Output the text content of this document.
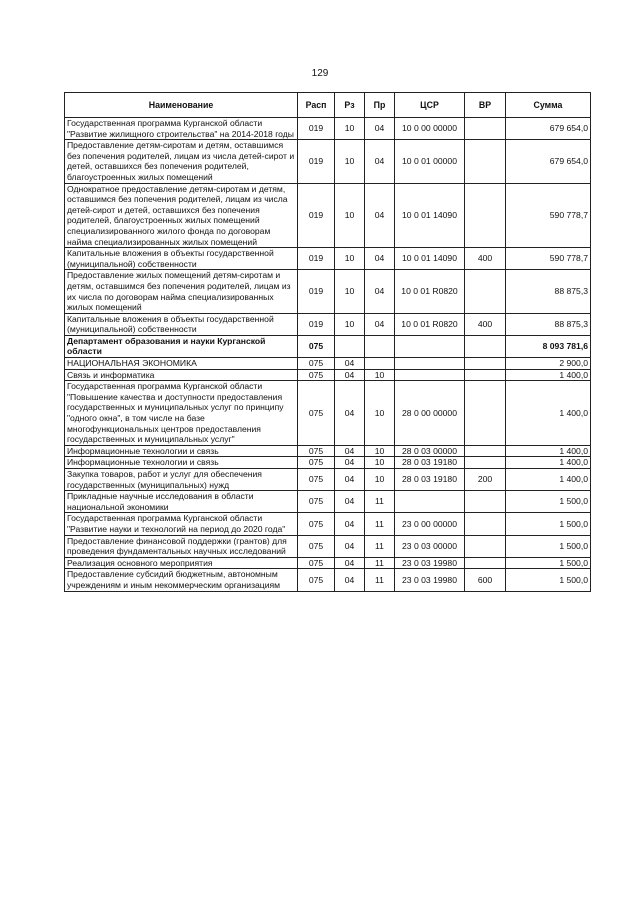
129
Наименование	Расп	Рз	Пр	ЦСР	ВР	Сумма
Государственная программа Курганской области "Развитие жилищного строительства" на 2014-2018 годы	019	10	04	10 0 00 00000		679 654,0
Предоставление детям-сиротам и детям, оставшимся без попечения родителей, лицам из числа детей-сирот и детей, оставшихся без попечения родителей, благоустроенных жилых помещений	019	10	04	10 0 01 00000		679 654,0
Однократное предоставление детям-сиротам и детям, оставшимся без попечения родителей, лицам из числа детей-сирот и детей, оставшихся без попечения родителей, благоустроенных жилых помещений специализированного жилого фонда по договорам найма специализированных жилых помещений	019	10	04	10 0 01 14090		590 778,7
Капитальные вложения в объекты государственной (муниципальной) собственности	019	10	04	10 0 01 14090	400	590 778,7
Предоставление жилых помещений детям-сиротам и детям, оставшимся без попечения родителей, лицам из их числа по договорам найма специализированных жилых помещений	019	10	04	10 0 01 R0820		88 875,3
Капитальные вложения в объекты государственной (муниципальной) собственности	019	10	04	10 0 01 R0820	400	88 875,3
Департамент образования и науки Курганской области	075					8 093 781,6
НАЦИОНАЛЬНАЯ ЭКОНОМИКА	075	04				2 900,0
Связь и информатика	075	04	10			1 400,0
Государственная программа Курганской области "Повышение качества и доступности предоставления государственных и муниципальных услуг по принципу "одного окна", в том числе на базе многофункциональных центров предоставления государственных и муниципальных услуг"	075	04	10	28 0 00 00000		1 400,0
Информационные технологии и связь	075	04	10	28 0 03 00000		1 400,0
Информационные технологии и связь	075	04	10	28 0 03 19180		1 400,0
Закупка товаров, работ и услуг для обеспечения государственных (муниципальных) нужд	075	04	10	28 0 03 19180	200	1 400,0
Прикладные научные исследования в области национальной экономики	075	04	11			1 500,0
Государственная программа Курганской области "Развитие науки и технологий на период до 2020 года"	075	04	11	23 0 00 00000		1 500,0
Предоставление финансовой поддержки (грантов) для проведения фундаментальных научных исследований	075	04	11	23 0 03 00000		1 500,0
Реализация основного мероприятия	075	04	11	23 0 03 19980		1 500,0
Предоставление субсидий бюджетным, автономным учреждениям и иным некоммерческим организациям	075	04	11	23 0 03 19980	600	1 500,0
